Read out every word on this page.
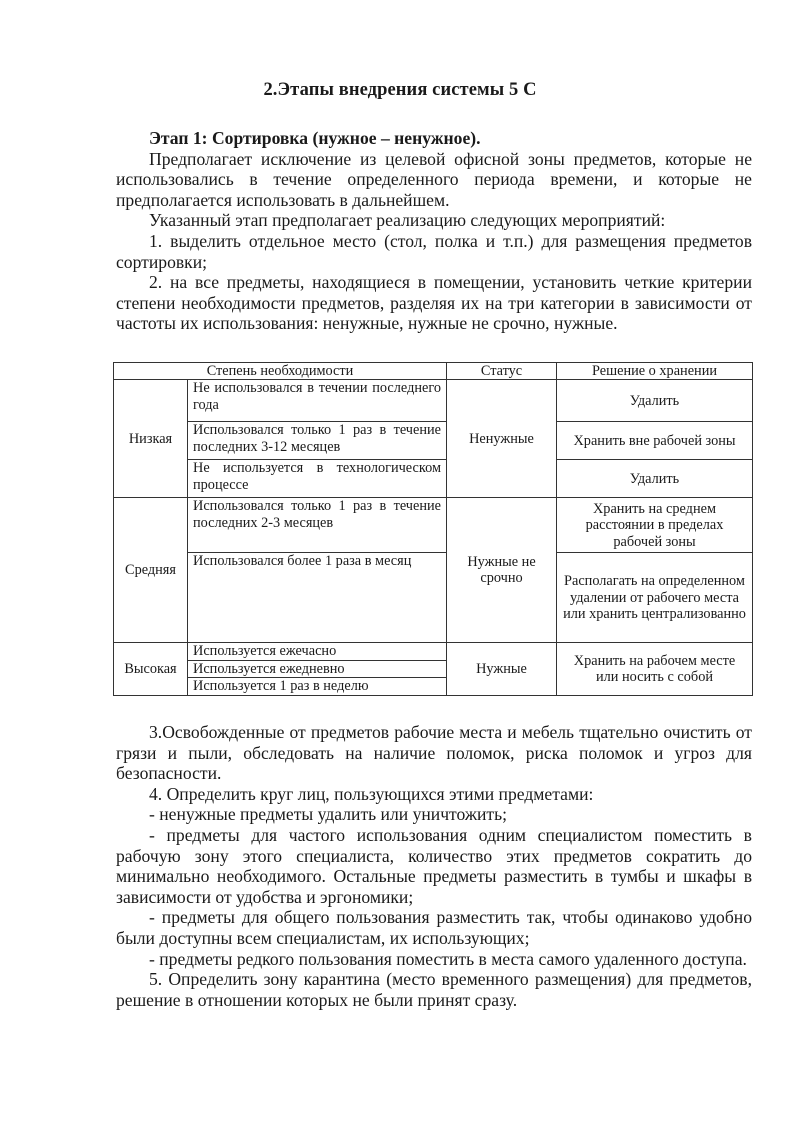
2.Этапы внедрения системы 5 С

Этап 1: Сортировка (нужное – ненужное).

Предполагает исключение из целевой офисной зоны предметов, которые не использовались в течение определенного периода времени, и которые не предполагается использовать в дальнейшем.

Указанный этап предполагает реализацию следующих мероприятий:

1. выделить отдельное место (стол, полка и т.п.) для размещения предметов сортировки;

2. на все предметы, находящиеся в помещении, установить четкие критерии степени необходимости предметов, разделяя их на три категории в зависимости от частоты их использования: ненужные, нужные не срочно, нужные.

Степень необходимости		Статус	Решение о хранении
Низкая	Не использовался в течении последнего года	Ненужные	Удалить
	Использовался только 1 раз в течение последних 3-12 месяцев		Хранить вне рабочей зоны
	Не используется в технологическом процессе		Удалить
Средняя	Использовался только 1 раз в течение последних 2-3 месяцев	Нужные не срочно	Хранить на среднем расстоянии в пределах рабочей зоны
	Использовался более 1 раза в месяц		Располагать на определенном удалении от рабочего места или хранить централизованно
Высокая	Используется ежечасно	Нужные	Хранить на рабочем месте или носить с собой
	Используется ежедневно		
	Используется 1 раз в неделю		

3.Освобожденные от предметов рабочие места и мебель тщательно очистить от грязи и пыли, обследовать на наличие поломок, риска поломок и угроз для безопасности.

4. Определить круг лиц, пользующихся этими предметами:

- ненужные предметы удалить или уничтожить;

- предметы для частого использования одним специалистом поместить в рабочую зону этого специалиста, количество этих предметов сократить до минимально необходимого. Остальные предметы разместить в тумбы и шкафы в зависимости от удобства и эргономики;

- предметы для общего пользования разместить так, чтобы одинаково удобно были доступны всем специалистам, их использующих;

- предметы редкого пользования поместить в места самого удаленного доступа.

5. Определить зону карантина (место временного размещения) для предметов, решение в отношении которых не были принят сразу.
